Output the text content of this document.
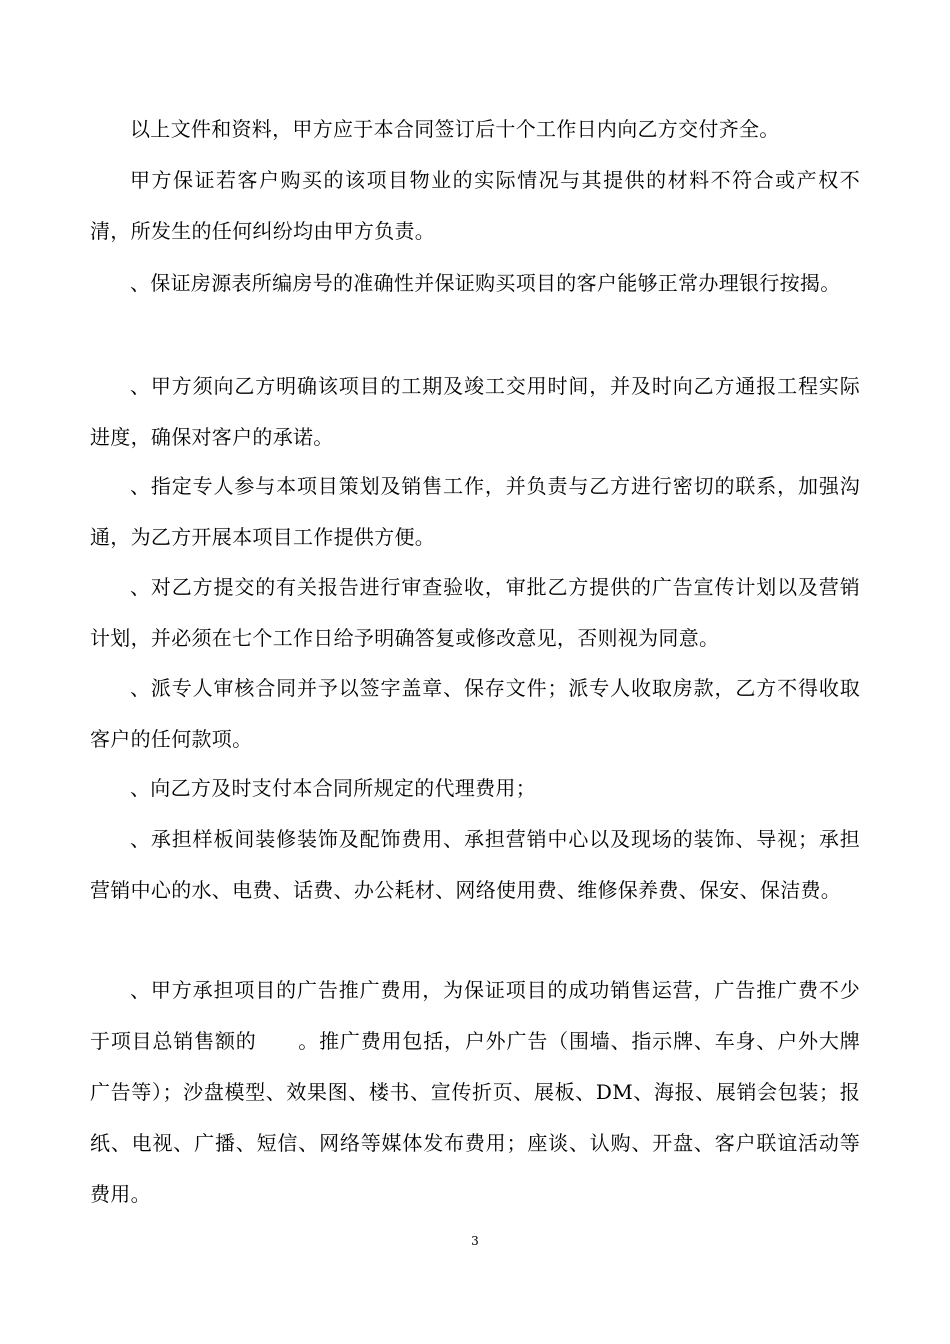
以上文件和资料，甲方应于本合同签订后十个工作日内向乙方交付齐全。

甲方保证若客户购买的该项目物业的实际情况与其提供的材料不符合或产权不清，所发生的任何纠纷均由甲方负责。

、保证房源表所编房号的准确性并保证购买项目的客户能够正常办理银行按揭。

、甲方须向乙方明确该项目的工期及竣工交用时间，并及时向乙方通报工程实际进度，确保对客户的承诺。

、指定专人参与本项目策划及销售工作，并负责与乙方进行密切的联系，加强沟通，为乙方开展本项目工作提供方便。

、对乙方提交的有关报告进行审查验收，审批乙方提供的广告宣传计划以及营销计划，并必须在七个工作日给予明确答复或修改意见，否则视为同意。

、派专人审核合同并予以签字盖章、保存文件；派专人收取房款，乙方不得收取客户的任何款项。

、向乙方及时支付本合同所规定的代理费用；

、承担样板间装修装饰及配饰费用、承担营销中心以及现场的装饰、导视；承担营销中心的水、电费、话费、办公耗材、网络使用费、维修保养费、保安、保洁费。

、甲方承担项目的广告推广费用，为保证项目的成功销售运营，广告推广费不少于项目总销售额的　　。推广费用包括，户外广告（围墙、指示牌、车身、户外大牌广告等）；沙盘模型、效果图、楼书、宣传折页、展板、DM、海报、展销会包装；报纸、电视、广播、短信、网络等媒体发布费用；座谈、认购、开盘、客户联谊活动等费用。

3
